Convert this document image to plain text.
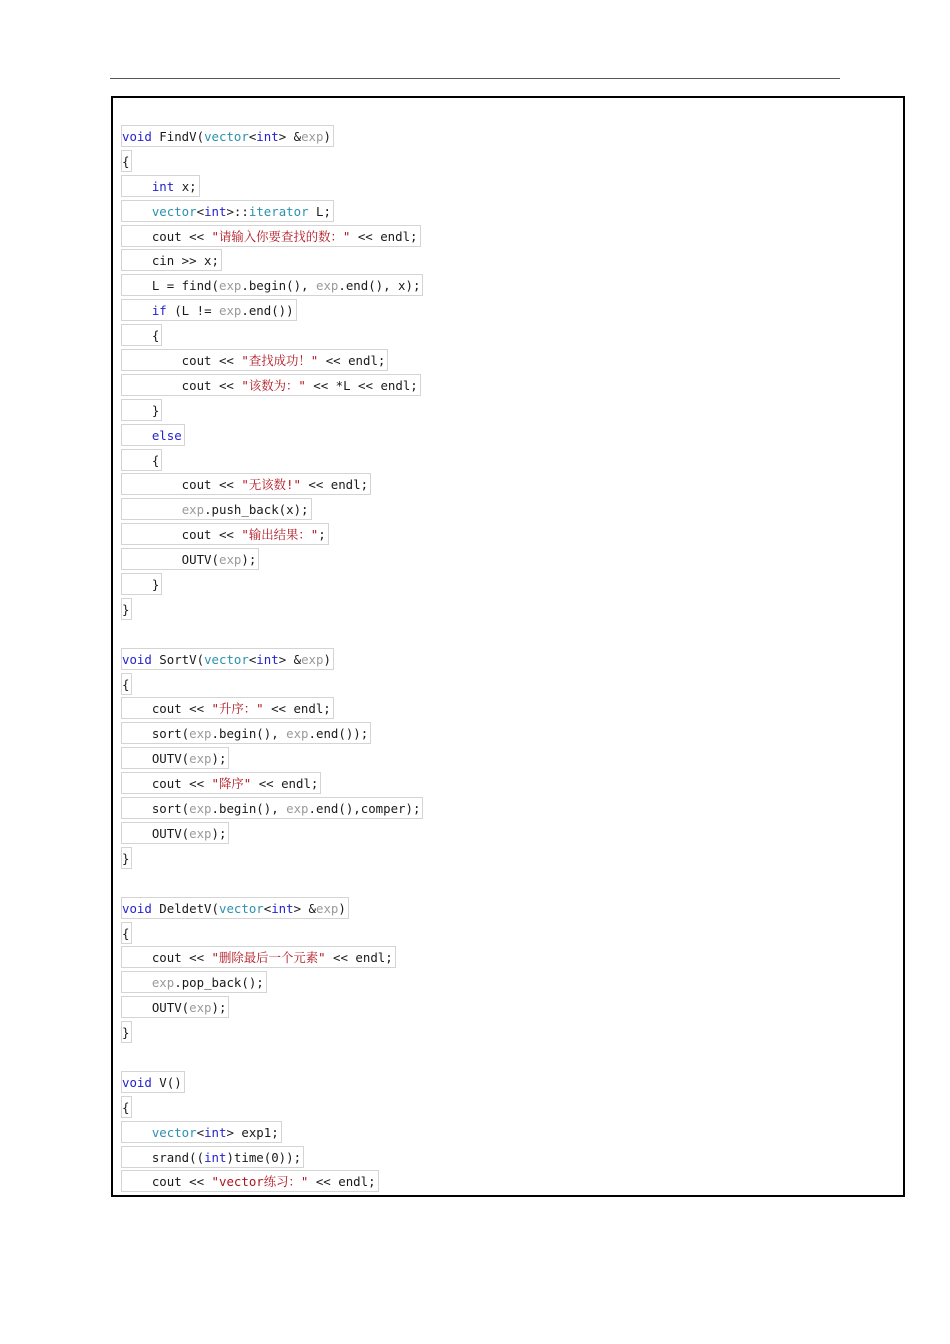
void FindV(vector<int> &exp)
{
int x;
vector<int>::iterator L;
cout << "请输入你要查找的数：" << endl;
cin >> x;
L = find(exp.begin(), exp.end(), x);
if (L != exp.end())
{
cout << "查找成功！" << endl;
cout << "该数为：" << *L << endl;
}
else
{
cout << "无该数!" << endl;
exp.push_back(x);
cout << "输出结果：";
OUTV(exp);
}
}
void SortV(vector<int> &exp)
{
cout << "升序：" << endl;
sort(exp.begin(), exp.end());
OUTV(exp);
cout << "降序" << endl;
sort(exp.begin(), exp.end(),comper);
OUTV(exp);
}
void DeldetV(vector<int> &exp)
{
cout << "删除最后一个元素" << endl;
exp.pop_back();
OUTV(exp);
}
void V()
{
vector<int> exp1;
srand((int)time(0));
cout << "vector练习：" << endl;
